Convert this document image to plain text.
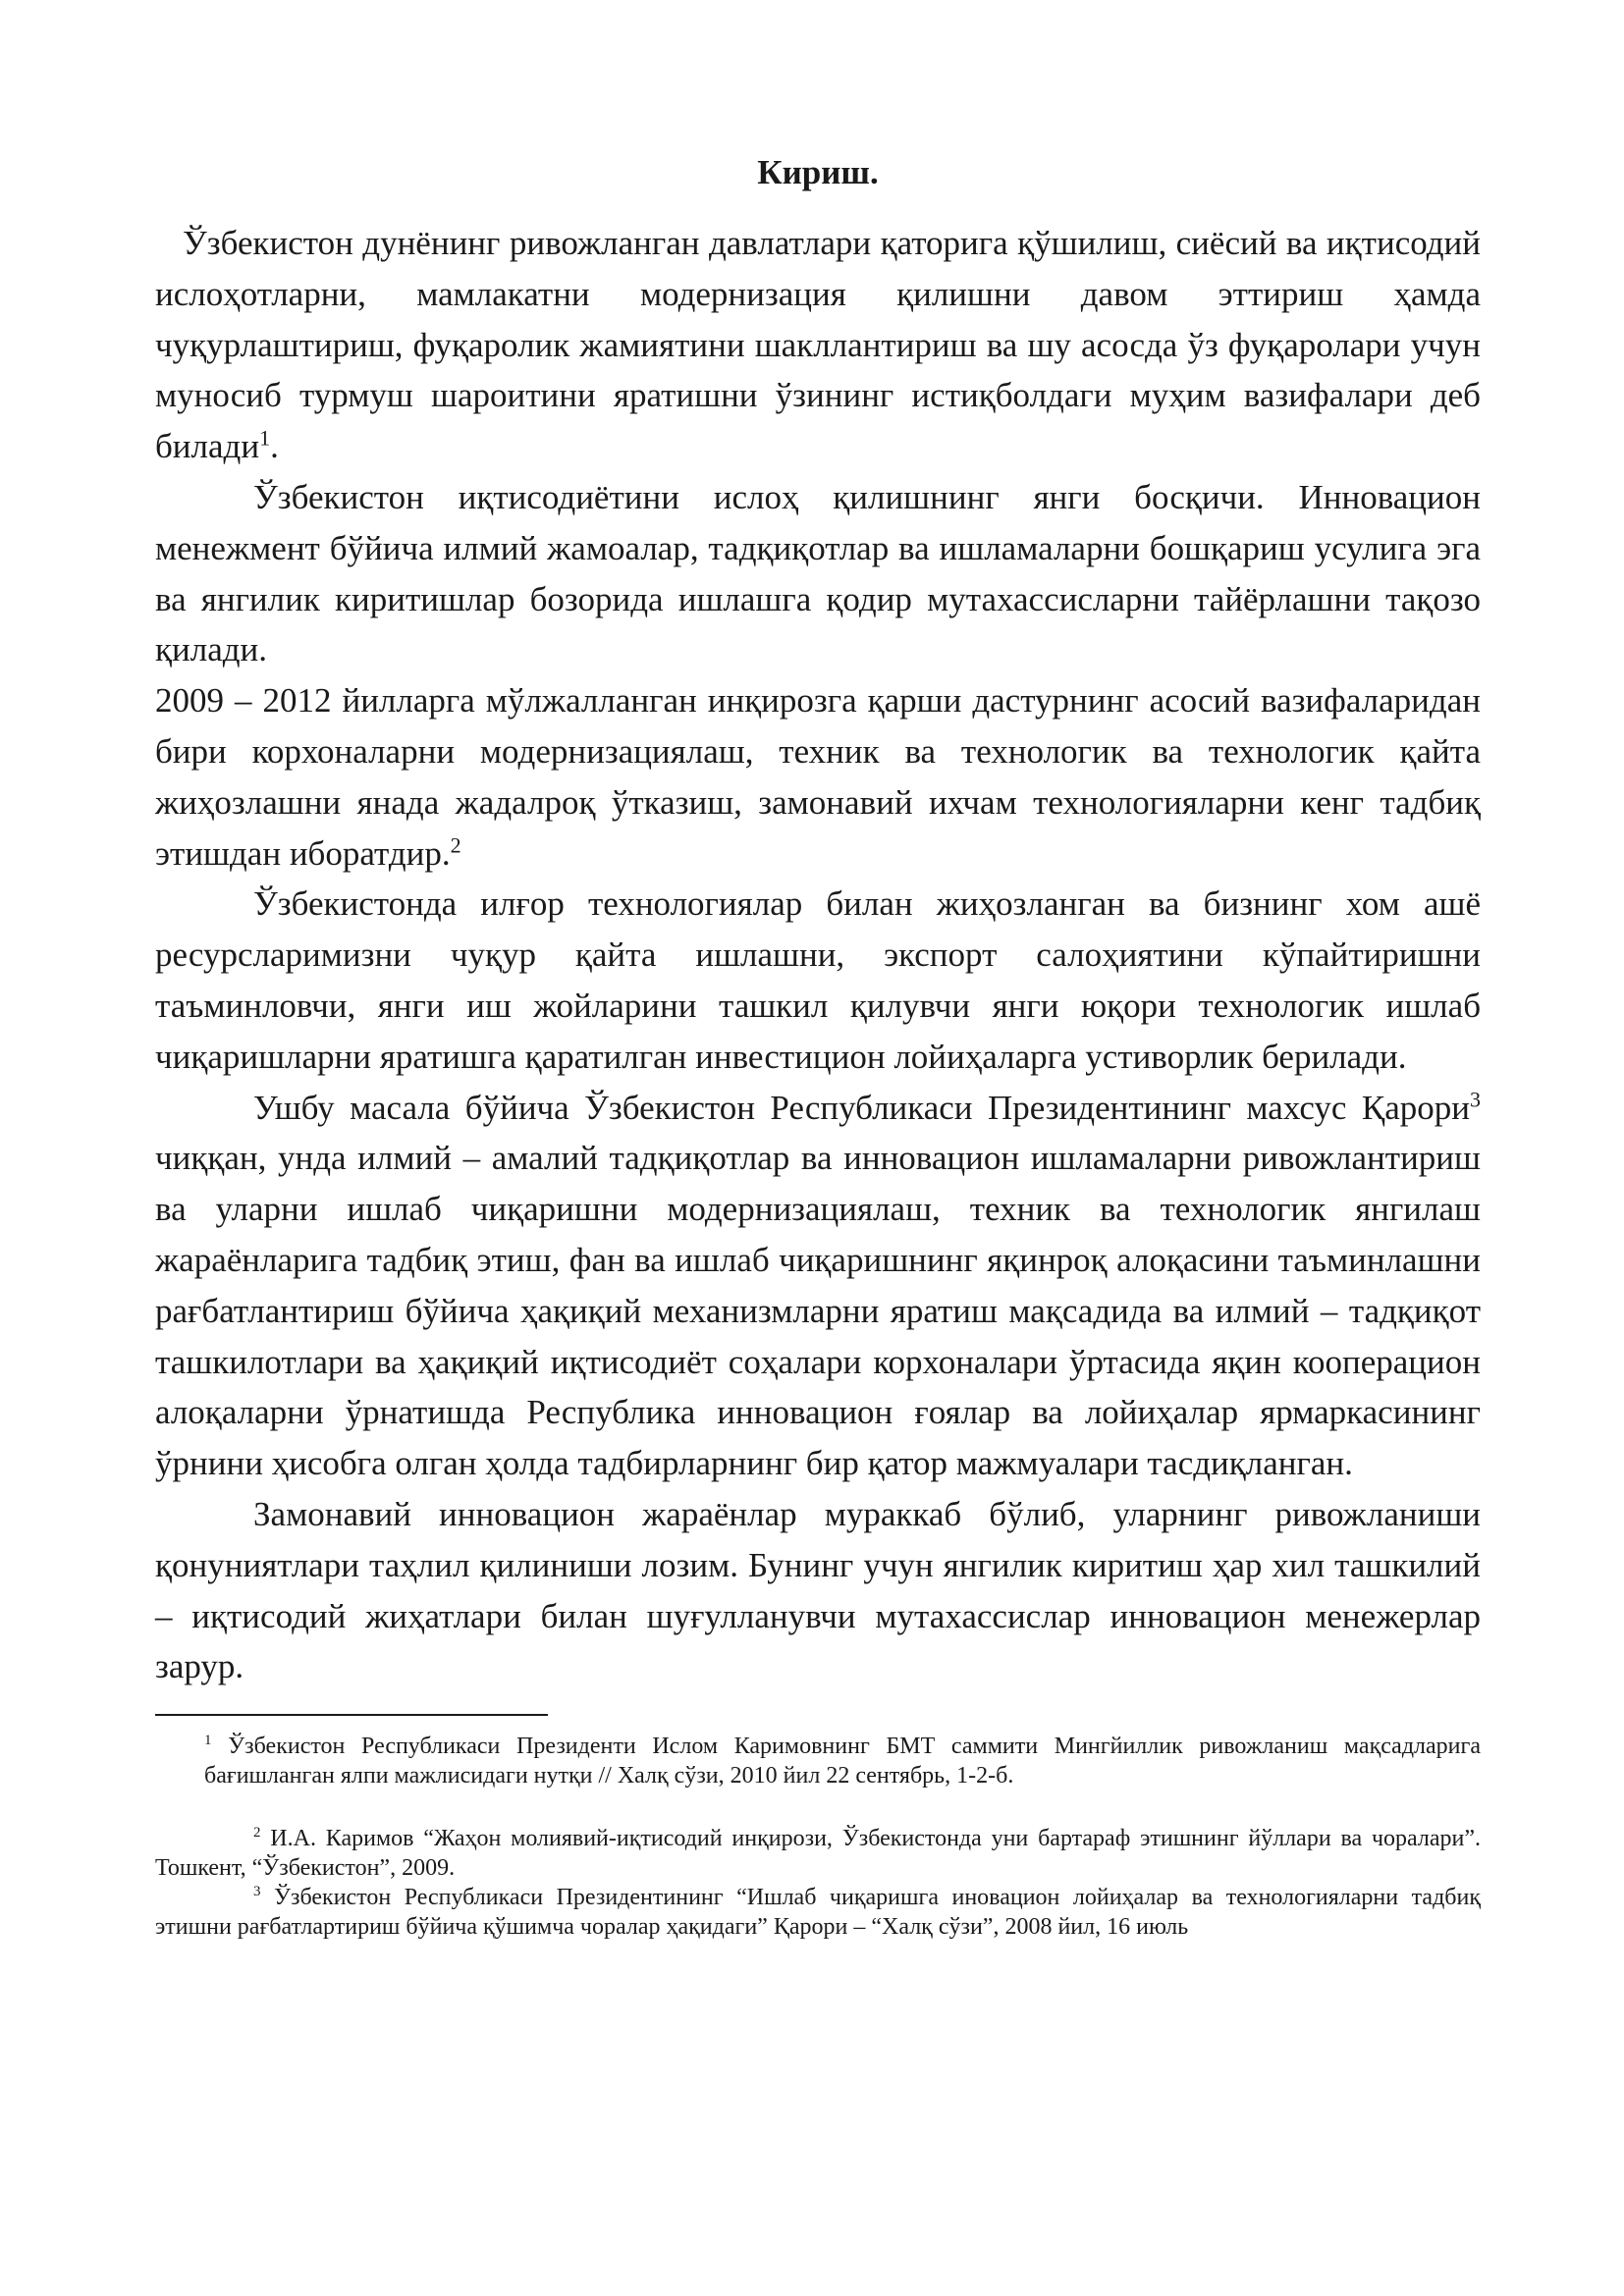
Кириш.

Ўзбекистон дунёнинг ривожланган давлатлари қаторига қўшилиш, сиёсий ва иқтисодий ислоҳотларни, мамлакатни модернизация қилишни давом эттириш ҳамда чуқурлаштириш, фуқаролик жамиятини шакллантириш ва шу асосда ўз фуқаролари учун муносиб турмуш шароитини яратишни ўзининг истиқболдаги муҳим вазифалари деб билади$^1$.

Ўзбекистон иқтисодиётини ислоҳ қилишнинг янги босқичи. Инновацион менежмент бўйича илмий жамоалар, тадқиқотлар ва ишламаларни бошқариш усулига эга ва янгилик киритишлар бозорида ишлашга қодир мутахассисларни тайёрлашни тақозо қилади.

2009 – 2012 йилларга мўлжалланган инқирозга қарши дастурнинг асосий вазифаларидан бири корхоналарни модернизациялаш, техник ва технологик ва технологик қайта жиҳозлашни янада жадалроқ ўтказиш, замонавий ихчам технологияларни кенг тадбиқ этишдан иборатдир.$^2$

Ўзбекистонда илғор технологиялар билан жиҳозланган ва бизнинг хом ашё ресурсларимизни чуқур қайта ишлашни, экспорт салоҳиятини кўпайтиришни таъминловчи, янги иш жойларини ташкил қилувчи янги юқори технологик ишлаб чиқаришларни яратишга қаратилган инвестицион лойиҳаларга устиворлик берилади.

Ушбу масала бўйича Ўзбекистон Республикаси Президентининг махсус Қарори$^3$ чиққан, унда илмий – амалий тадқиқотлар ва инновацион ишламаларни ривожлантириш ва уларни ишлаб чиқаришни модернизациялаш, техник ва технологик янгилаш жараёнларига тадбиқ этиш, фан ва ишлаб чиқаришнинг яқинроқ алоқасини таъминлашни рағбатлантириш бўйича ҳақиқий механизмларни яратиш мақсадида ва илмий – тадқиқот ташкилотлари ва ҳақиқий иқтисодиёт соҳалари корхоналари ўртасида яқин кооперацион алоқаларни ўрнатишда Республика инновацион ғоялар ва лойиҳалар ярмаркасининг ўрнини ҳисобга олган ҳолда тадбирларнинг бир қатор мажмуалари тасдиқланган.

Замонавий инновацион жараёнлар мураккаб бўлиб, уларнинг ривожланиши қонуниятлари таҳлил қилиниши лозим. Бунинг учун янгилик киритиш ҳар хил ташкилий – иқтисодий жиҳатлари билан шуғулланувчи мутахассислар инновацион менежерлар зарур.

$^1$ Ўзбекистон Республикаси Президенти Ислом Каримовнинг БМТ саммити Мингйиллик ривожланиш мақсадларига бағишланган ялпи мажлисидаги нутқи // Халқ сўзи, 2010 йил 22 сентябрь, 1-2-б.

$^2$ И.А. Каримов “Жаҳон молиявий-иқтисодий инқирози, Ўзбекистонда уни бартараф этишнинг йўллари ва чоралари”. Тошкент, “Ўзбекистон”, 2009.

$^3$ Ўзбекистон Республикаси Президентининг “Ишлаб чиқаришга иновацион лойиҳалар ва технологияларни тадбиқ этишни рағбатлартириш бўйича қўшимча чоралар ҳақидаги” Қарори – “Халқ сўзи”, 2008 йил, 16 июль
